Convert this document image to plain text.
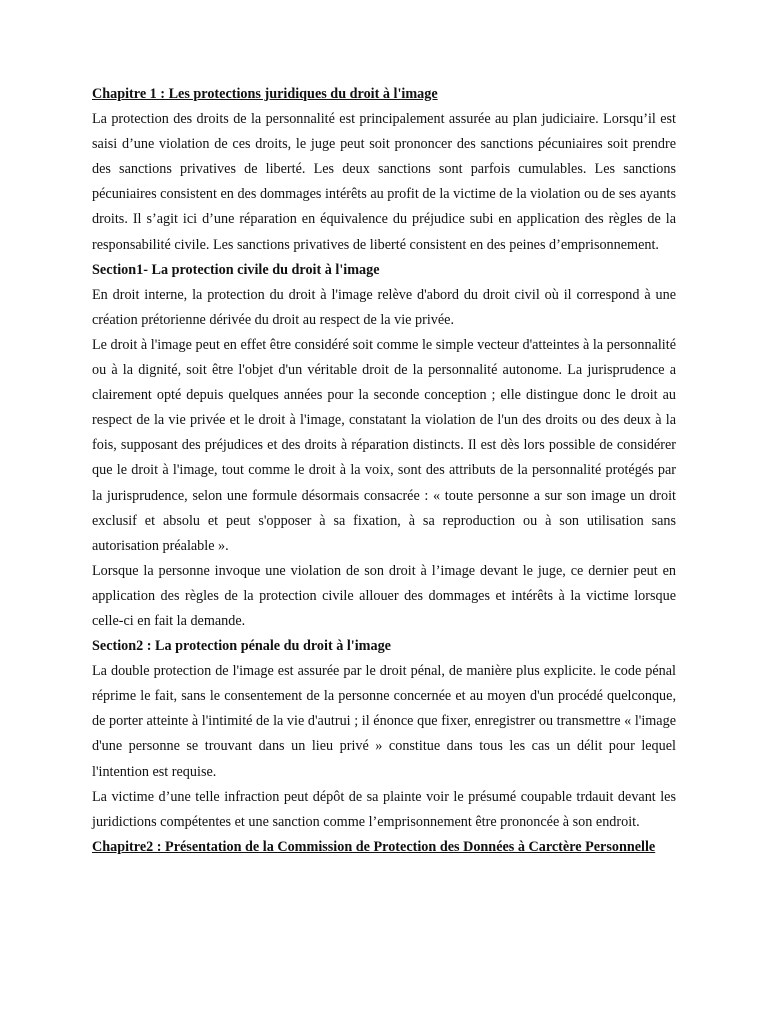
Chapitre 1 : Les protections juridiques du droit à l'image

La protection des droits de la personnalité est principalement assurée au plan judiciaire. Lorsqu’il est saisi d’une violation de ces droits, le juge peut soit prononcer des sanctions pécuniaires soit prendre des sanctions privatives de liberté. Les deux sanctions sont parfois cumulables. Les sanctions pécuniaires consistent en des dommages intérêts au profit de la victime de la violation ou de ses ayants droits. Il s’agit ici d’une réparation en équivalence du préjudice subi en application des règles de la responsabilité civile. Les sanctions privatives de liberté consistent en des peines d’emprisonnement.

Section1- La protection civile du droit à l'image

En droit interne, la protection du droit à l'image relève d'abord du droit civil où il correspond à une création prétorienne dérivée du droit au respect de la vie privée.

Le droit à l'image peut en effet être considéré soit comme le simple vecteur d'atteintes à la personnalité ou à la dignité, soit être l'objet d'un véritable droit de la personnalité autonome. La jurisprudence a clairement opté depuis quelques années pour la seconde conception ; elle distingue donc le droit au respect de la vie privée et le droit à l'image, constatant la violation de l'un des droits ou des deux à la fois, supposant des préjudices et des droits à réparation distincts. Il est dès lors possible de considérer que le droit à l'image, tout comme le droit à la voix, sont des attributs de la personnalité protégés par la jurisprudence, selon une formule désormais consacrée : « toute personne a sur son image un droit exclusif et absolu et peut s'opposer à sa fixation, à sa reproduction ou à son utilisation sans autorisation préalable ».

Lorsque la personne invoque une violation de son droit à l’image devant le juge, ce dernier peut en application des règles de la protection civile allouer des dommages et intérêts à la victime lorsque celle-ci en fait la demande.

Section2 : La protection pénale du droit à l'image

La double protection de l'image est assurée par le droit pénal, de manière plus explicite. le code pénal réprime le fait, sans le consentement de la personne concernée et au moyen d'un procédé quelconque, de porter atteinte à l'intimité de la vie d'autrui ; il énonce que fixer, enregistrer ou transmettre « l'image d'une personne se trouvant dans un lieu privé » constitue dans tous les cas un délit pour lequel l'intention est requise.

La victime d’une telle infraction peut dépôt de sa plainte voir le présumé coupable trdauit devant les juridictions compétentes et une sanction comme l’emprisonnement être prononcée à son endroit.

Chapitre2 : Présentation de la Commission de Protection des Données à Carctère Personnelle
